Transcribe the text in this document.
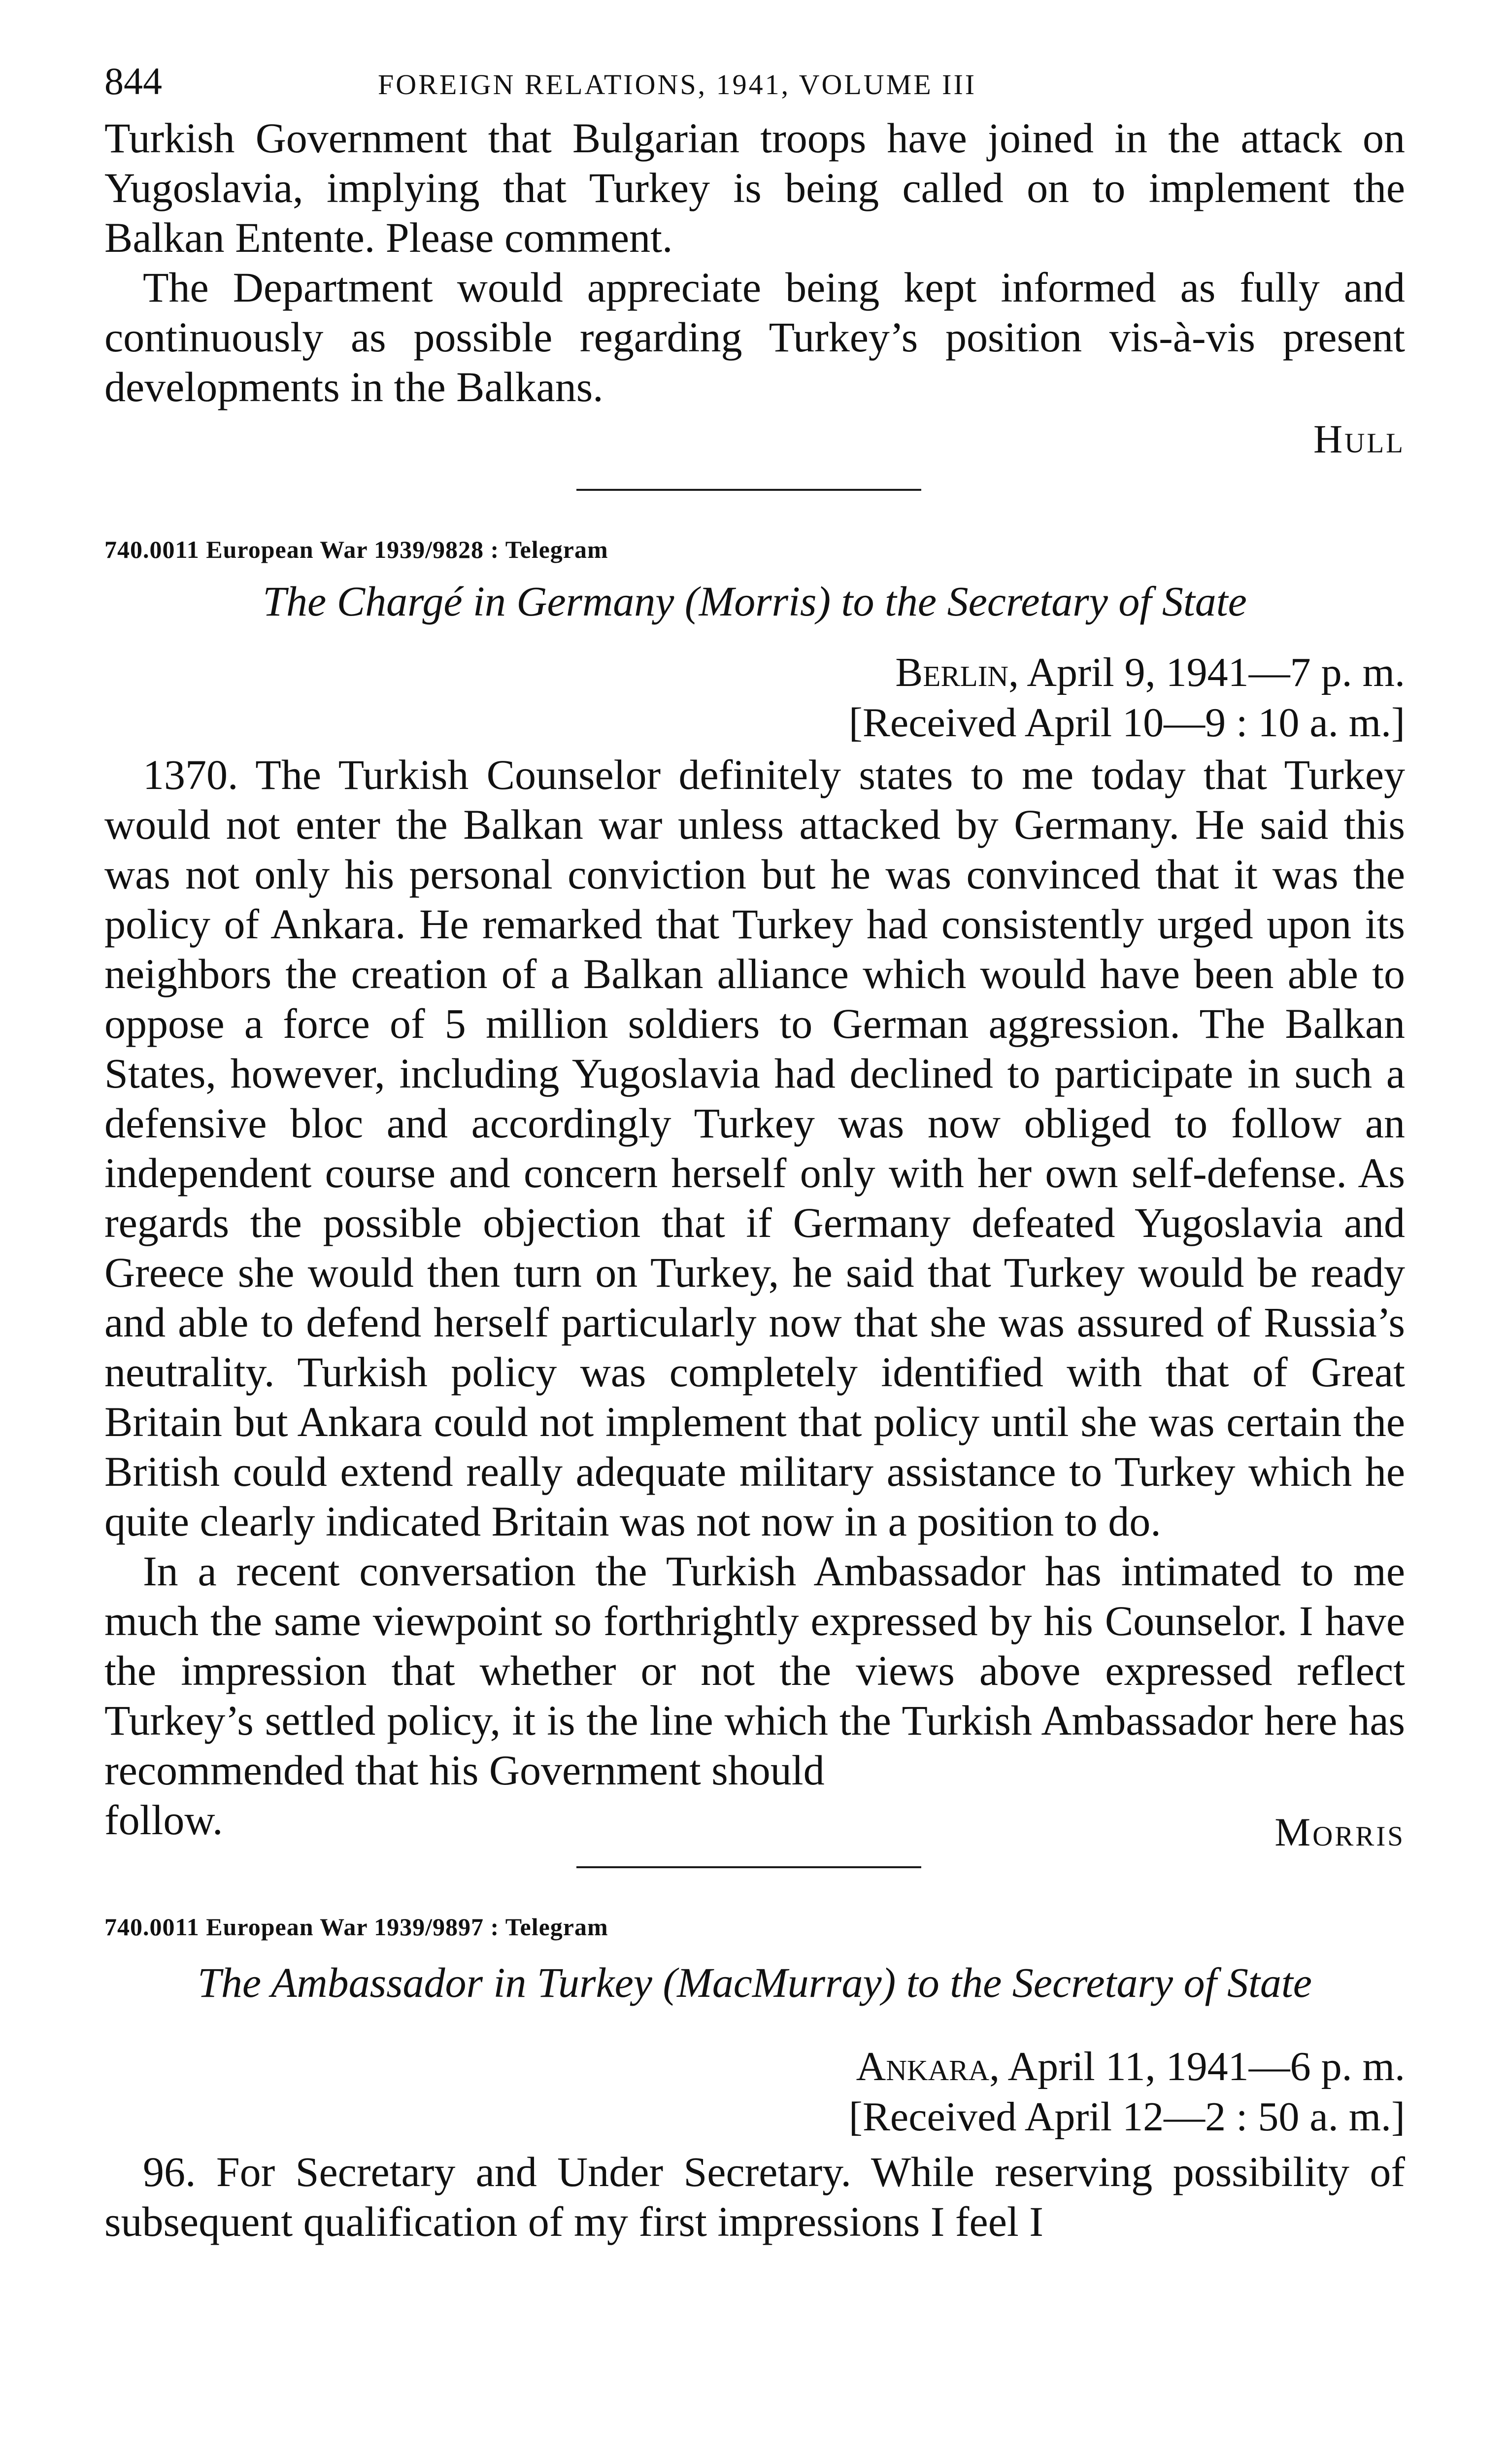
844	FOREIGN RELATIONS, 1941, VOLUME III

Turkish Government that Bulgarian troops have joined in the attack on Yugoslavia, implying that Turkey is being called on to implement the Balkan Entente. Please comment.

The Department would appreciate being kept informed as fully and continuously as possible regarding Turkey’s position vis-à-vis present developments in the Balkans.

Hull

740.0011 European War 1939/9828 : Telegram

The Chargé in Germany (Morris) to the Secretary of State

Berlin, April 9, 1941—7 p. m.

[Received April 10—9 : 10 a. m.]

1370. The Turkish Counselor definitely states to me today that Turkey would not enter the Balkan war unless attacked by Germany. He said this was not only his personal conviction but he was convinced that it was the policy of Ankara. He remarked that Turkey had consistently urged upon its neighbors the creation of a Balkan alliance which would have been able to oppose a force of 5 million soldiers to German aggression. The Balkan States, however, including Yugoslavia had declined to participate in such a defensive bloc and accordingly Turkey was now obliged to follow an independent course and concern herself only with her own self-defense. As regards the possible objection that if Germany defeated Yugoslavia and Greece she would then turn on Turkey, he said that Turkey would be ready and able to defend herself particularly now that she was assured of Russia’s neutrality. Turkish policy was completely identified with that of Great Britain but Ankara could not implement that policy until she was certain the British could extend really adequate military assistance to Turkey which he quite clearly indicated Britain was not now in a position to do.

In a recent conversation the Turkish Ambassador has intimated to me much the same viewpoint so forthrightly expressed by his Counselor. I have the impression that whether or not the views above expressed reflect Turkey’s settled policy, it is the line which the Turkish Ambassador here has recommended that his Government should

follow.	Morris

740.0011 European War 1939/9897 : Telegram

The Ambassador in Turkey (MacMurray) to the Secretary of State

Ankara, April 11, 1941—6 p. m.

[Received April 12—2 : 50 a. m.]

96. For Secretary and Under Secretary. While reserving possibility of subsequent qualification of my first impressions I feel I
